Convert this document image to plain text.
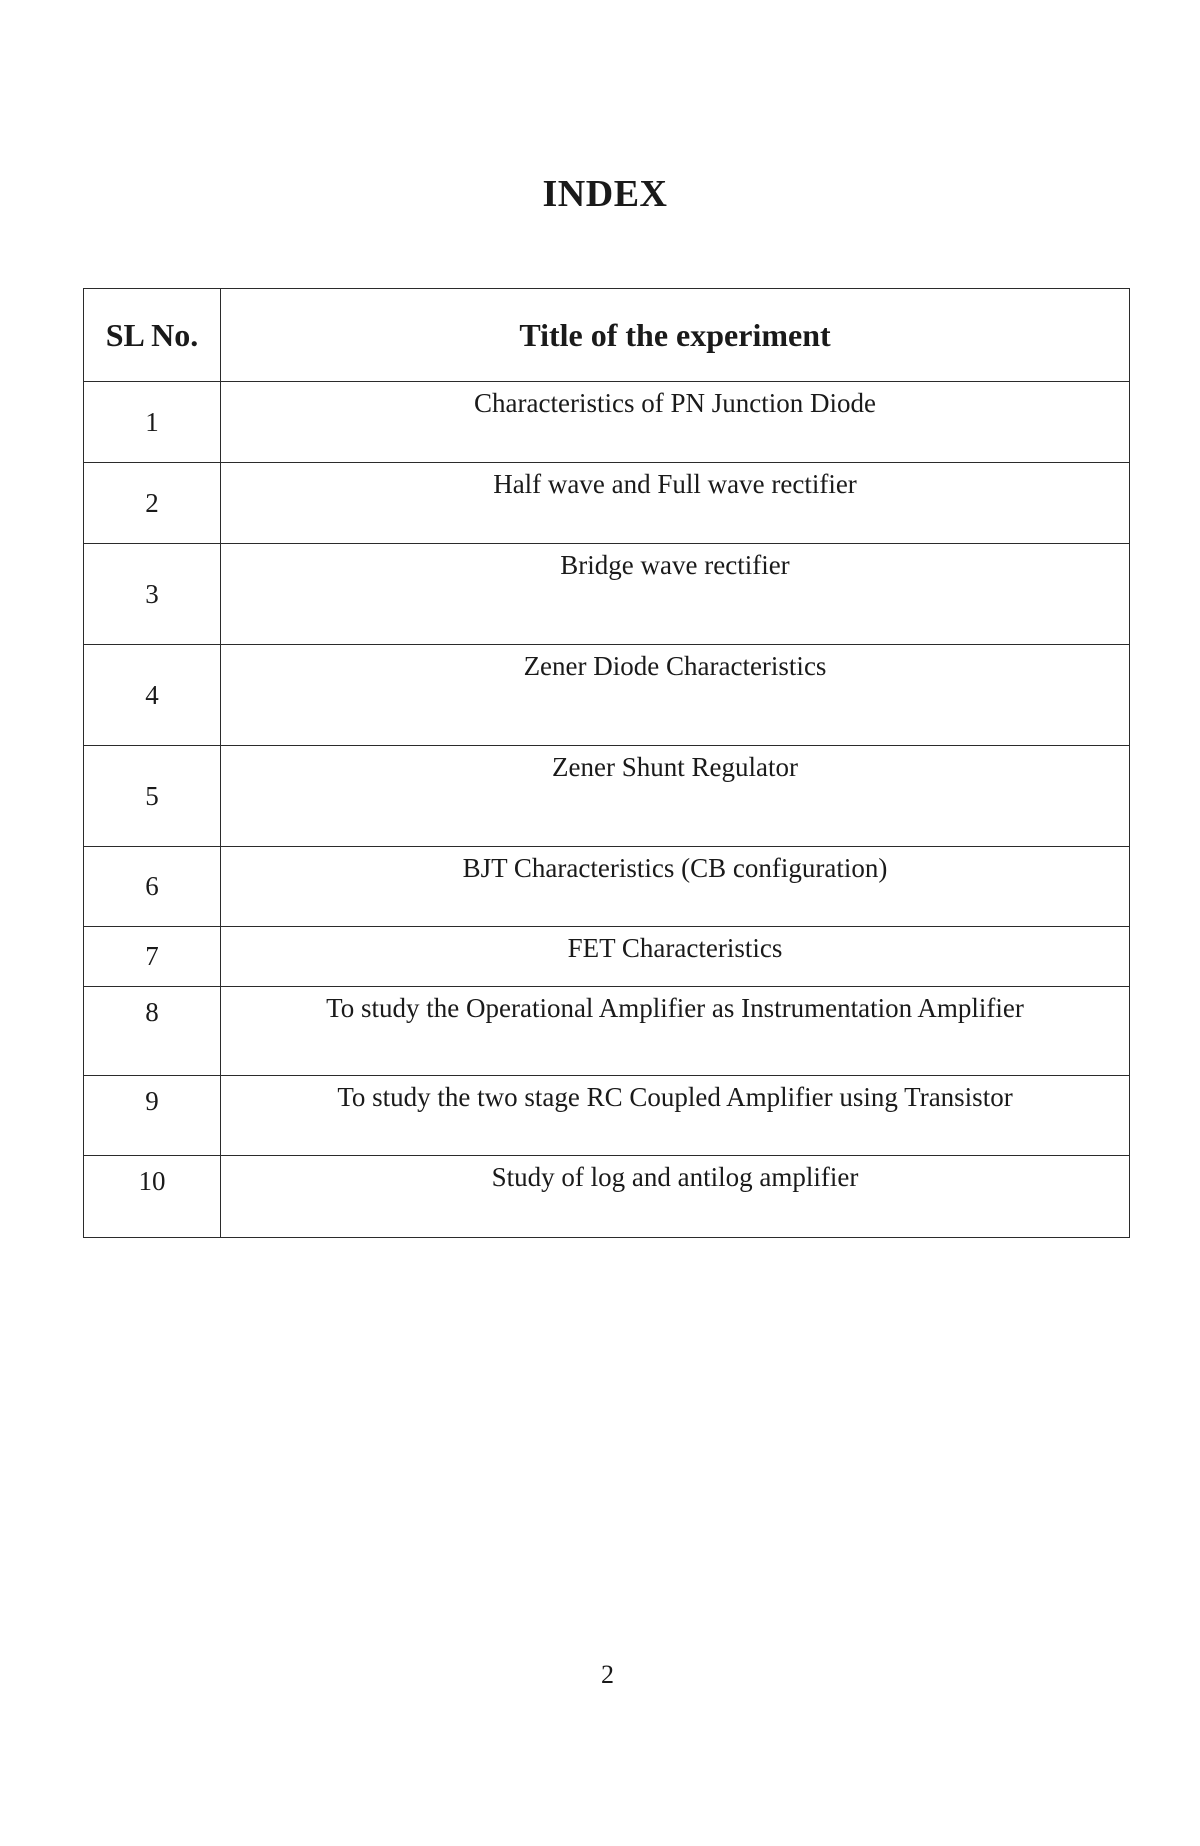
INDEX
SL No.	Title of the experiment
1	Characteristics of PN Junction Diode
2	Half wave and Full wave rectifier
3	Bridge wave rectifier
4	Zener Diode Characteristics
5	Zener Shunt Regulator
6	BJT Characteristics (CB configuration)
7	FET Characteristics
8	To study the Operational Amplifier as Instrumentation Amplifier
9	To study the two stage RC Coupled Amplifier using Transistor
10	Study of log and antilog amplifier
2
